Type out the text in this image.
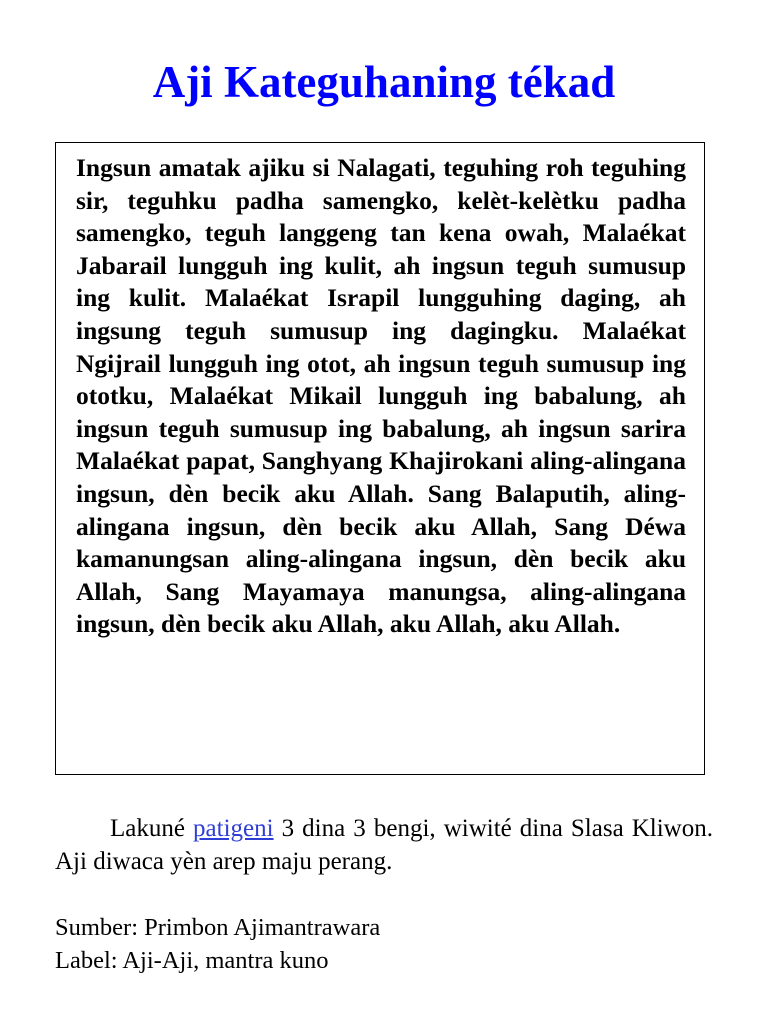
Aji Kateguhaning tékad

Ingsun amatak ajiku si Nalagati, teguhing roh teguhing sir, teguhku padha samengko, kelèt-kelètku padha samengko, teguh langgeng tan kena owah, Malaékat Jabarail lungguh ing kulit, ah ingsun teguh sumusup ing kulit. Malaékat Israpil lungguhing daging, ah ingsung teguh sumusup ing dagingku. Malaékat Ngijrail lungguh ing otot, ah ingsun teguh sumusup ing ototku, Malaékat Mikail lungguh ing babalung, ah ingsun teguh sumusup ing babalung, ah ingsun sarira Malaékat papat, Sanghyang Khajirokani aling-alingana ingsun, dèn becik aku Allah. Sang Balaputih, aling-alingana ingsun, dèn becik aku Allah, Sang Déwa kamanungsan aling-alingana ingsun, dèn becik aku Allah, Sang Mayamaya manungsa, aling-alingana ingsun, dèn becik aku Allah, aku Allah, aku Allah.

Lakuné patigeni 3 dina 3 bengi, wiwité dina Slasa Kliwon. Aji diwaca yèn arep maju perang.

Sumber: Primbon Ajimantrawara
Label: Aji-Aji, mantra kuno
